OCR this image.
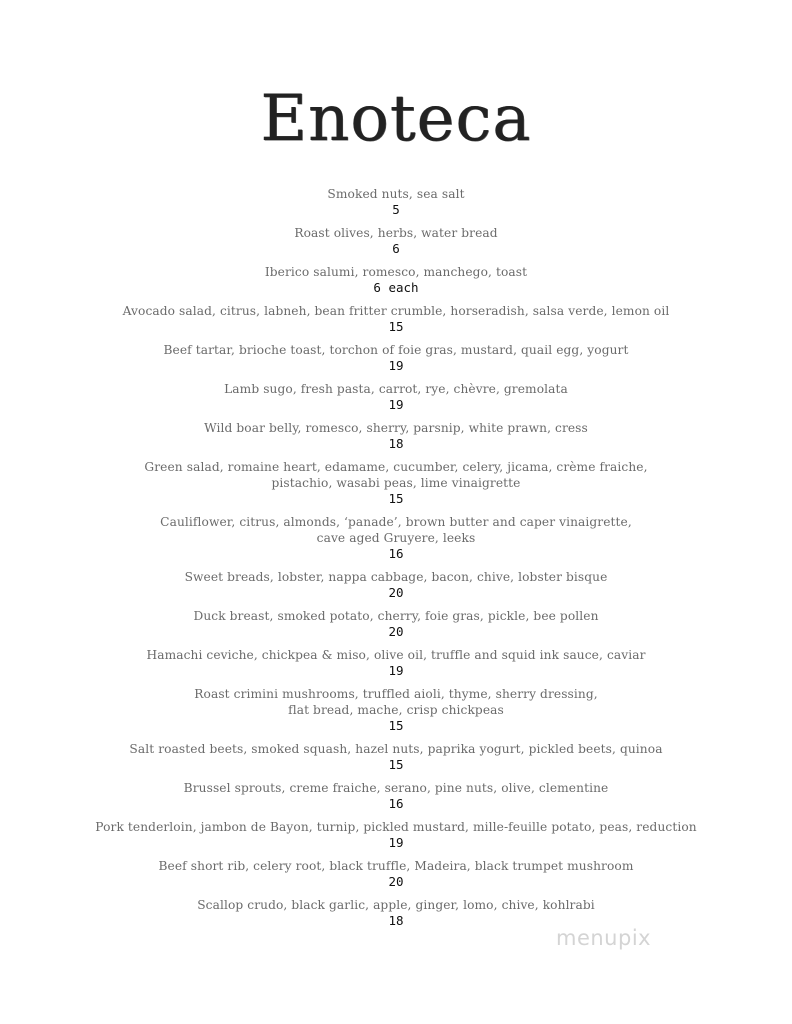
Enoteca
Smoked nuts, sea salt
5
Roast olives, herbs, water bread
6
Iberico salumi, romesco, manchego, toast
6 each
Avocado salad, citrus, labneh, bean fritter crumble, horseradish, salsa verde, lemon oil
15
Beef tartar, brioche toast, torchon of foie gras, mustard, quail egg, yogurt
19
Lamb sugo, fresh pasta, carrot, rye, chèvre, gremolata
19
Wild boar belly, romesco, sherry, parsnip, white prawn, cress
18
Green salad, romaine heart, edamame, cucumber, celery, jicama, crème fraiche,
pistachio, wasabi peas, lime vinaigrette
15
Cauliflower, citrus, almonds, ‘panade’, brown butter and caper vinaigrette,
cave aged Gruyere, leeks
16
Sweet breads, lobster, nappa cabbage, bacon, chive, lobster bisque
20
Duck breast, smoked potato, cherry, foie gras, pickle, bee pollen
20
Hamachi ceviche, chickpea & miso, olive oil, truffle and squid ink sauce, caviar
19
Roast crimini mushrooms, truffled aioli, thyme, sherry dressing,
flat bread, mache, crisp chickpeas
15
Salt roasted beets, smoked squash, hazel nuts, paprika yogurt, pickled beets, quinoa
15
Brussel sprouts, creme fraiche, serano, pine nuts, olive, clementine
16
Pork tenderloin, jambon de Bayon, turnip, pickled mustard, mille-feuille potato, peas, reduction
19
Beef short rib, celery root, black truffle, Madeira, black trumpet mushroom
20
Scallop crudo, black garlic, apple, ginger, lomo, chive, kohlrabi
18
menupix
